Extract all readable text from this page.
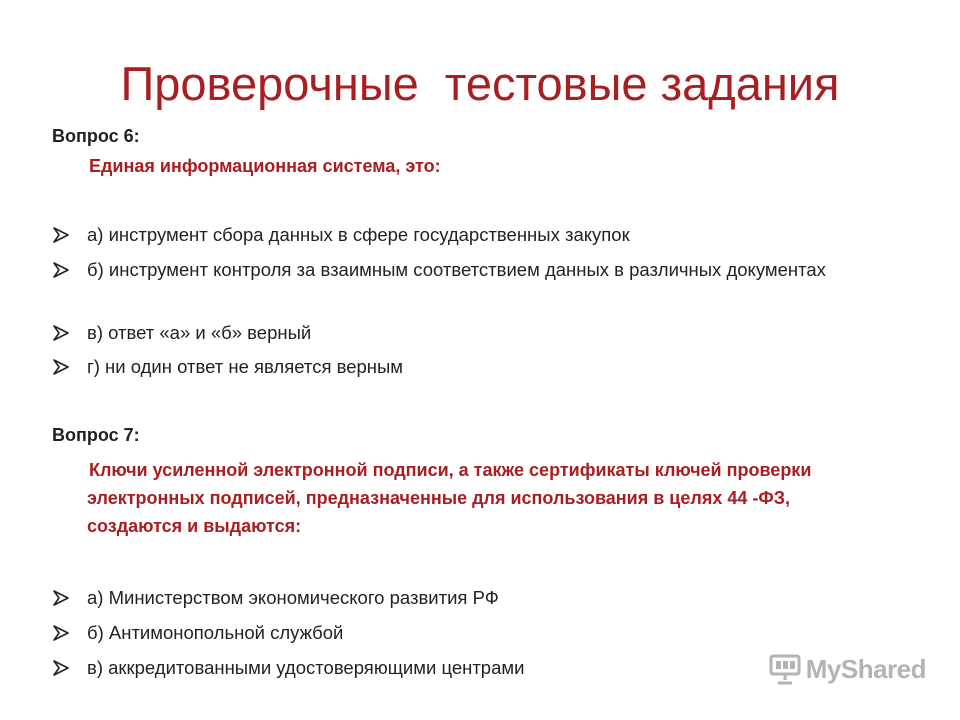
Проверочные  тестовые задания
Вопрос 6:
Единая информационная система, это:
а) инструмент сбора данных в сфере государственных закупок
б) инструмент контроля за взаимным соответствием данных в различных документах
в) ответ «а» и «б» верный
г) ни один ответ не является верным
Вопрос 7:
Ключи усиленной электронной подписи, а также сертификаты ключей проверки электронных подписей, предназначенные для использования в целях 44 -ФЗ, создаются и выдаются:
а) Министерством экономического развития РФ
б) Антимонопольной службой
в) аккредитованными удостоверяющими центрами	MyShared
